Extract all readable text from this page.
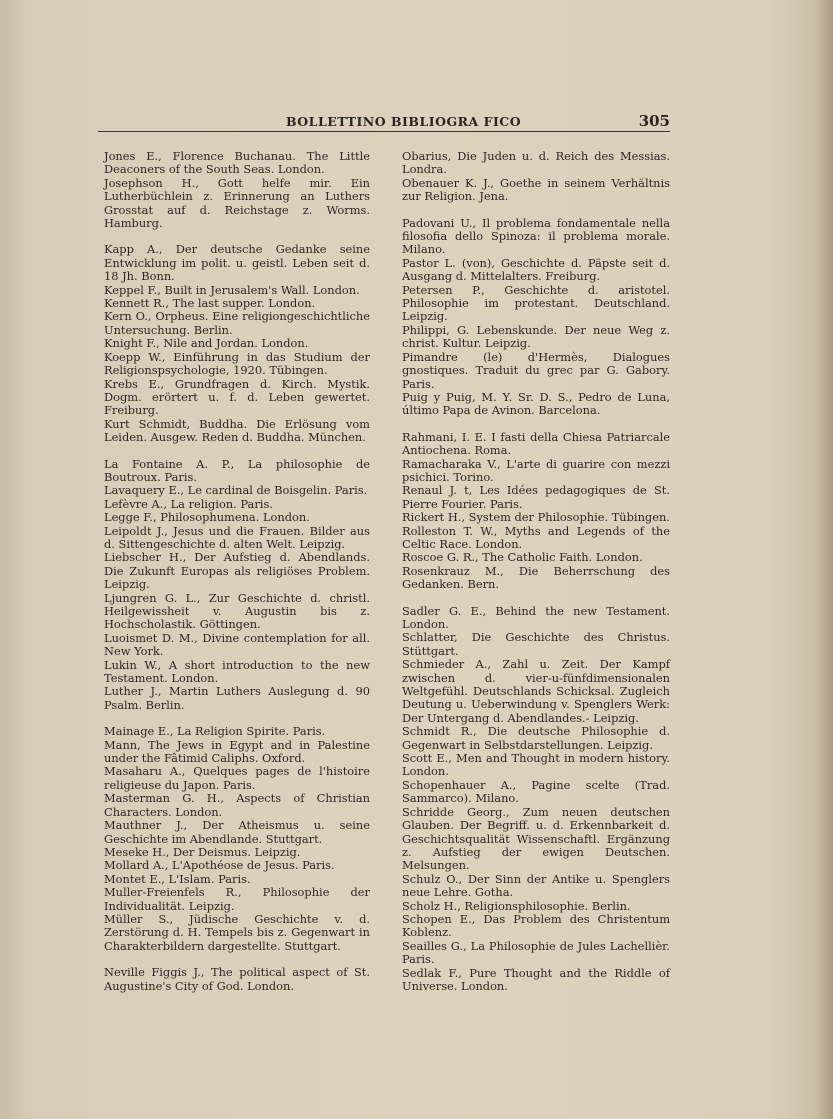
BOLLETTINO BIBLIOGRA FICO	305

Jones E., Florence Buchanau. The Little Deaconers of the South Seas. London.

Josephson H., Gott helfe mir. Ein Lutherbüchlein z. Erinnerung an Luthers Grosstat auf d. Reichstage z. Worms. Hamburg.

Kapp A., Der deutsche Gedanke seine Entwicklung im polit. u. geistl. Leben seit d. 18 Jh. Bonn.

Keppel F., Built in Jerusalem's Wall. London.

Kennett R., The last supper. London.

Kern O., Orpheus. Eine religiongeschichtliche Untersuchung. Berlin.

Knight F., Nile and Jordan. London.

Koepp W., Einführung in das Studium der Religionspsychologie, 1920. Tübingen.

Krebs E., Grundfragen d. Kirch. Mystik. Dogm. erörtert u. f. d. Leben gewertet. Freiburg.

Kurt Schmidt, Buddha. Die Erlösung vom Leiden. Ausgew. Reden d. Buddha. München.

La Fontaine A. P., La philosophie de Boutroux. Paris.

Lavaquery E., Le cardinal de Boisgelin. Paris.

Lefèvre A., La religion. Paris.

Legge F., Philosophumena. London.

Leipoldt J., Jesus und die Frauen. Bilder aus d. Sittengeschichte d. alten Welt. Leipzig.

Liebscher H., Der Aufstieg d. Abendlands. Die Zukunft Europas als religiöses Problem. Leipzig.

Ljungren G. L., Zur Geschichte d. christl. Heilgewissheit v. Augustin bis z. Hochscholastik. Göttingen.

Luoismet D. M., Divine contemplation for all. New York.

Lukin W., A short introduction to the new Testament. London.

Luther J., Martin Luthers Auslegung d. 90 Psalm. Berlin.

Mainage E., La Religion Spirite. Paris.

Mann, The Jews in Egypt and in Palestine under the Fâtimid Caliphs. Oxford.

Masaharu A., Quelques pages de l'histoire religieuse du Japon. Paris.

Masterman G. H., Aspects of Christian Characters. London.

Mauthner J., Der Atheismus u. seine Geschichte im Abendlande. Stuttgart.

Meseke H., Der Deismus. Leipzig.

Mollard A., L'Apothéose de Jesus. Paris.

Montet E., L'Islam. Paris.

Muller-Freienfels R., Philosophie der Individualität. Leipzig.

Müller S., Jüdische Geschichte v. d. Zerstörung d. H. Tempels bis z. Gegenwart in Charakterbildern dargestellte. Stuttgart.

Neville Figgis J., The political aspect of St. Augustine's City of God. London.

Obarius, Die Juden u. d. Reich des Messias. Londra.

Obenauer K. J., Goethe in seinem Verhältnis zur Religion. Jena.

Padovani U., Il problema fondamentale nella filosofia dello Spinoza: il problema morale. Milano.

Pastor L. (von), Geschichte d. Päpste seit d. Ausgang d. Mittelalters. Freiburg.

Petersen P., Geschichte d. aristotel. Philosophie im protestant. Deutschland. Leipzig.

Philippi, G. Lebenskunde. Der neue Weg z. christ. Kultur. Leipzig.

Pimandre (le) d'Hermès, Dialogues gnostiques. Traduit du grec par G. Gabory. Paris.

Puig y Puig, M. Y. Sr. D. S., Pedro de Luna, último Papa de Avinon. Barcelona.

Rahmani, I. E. I fasti della Chiesa Patriarcale Antiochena. Roma.

Ramacharaka V., L'arte di guarire con mezzi psichici. Torino.

Renaul J. t, Les Idées pedagogiques de St. Pierre Fourier. Paris.

Rickert H., System der Philosophie. Tübingen.

Rolleston T. W., Myths and Legends of the Celtic Race. London.

Roscoe G. R., The Catholic Faith. London.

Rosenkrauz M., Die Beherrschung des Gedanken. Bern.

Sadler G. E., Behind the new Testament. London.

Schlatter, Die Geschichte des Christus. Stüttgart.

Schmieder A., Zahl u. Zeit. Der Kampf zwischen d. vier-u-fünfdimensionalen Weltgefühl. Deutschlands Schicksal. Zugleich Deutung u. Ueberwindung v. Spenglers Werk: Der Untergang d. Abendlandes.- Leipzig.

Schmidt R., Die deutsche Philosophie d. Gegenwart in Selbstdarstellungen. Leipzig.

Scott E., Men and Thought in modern history. London.

Schopenhauer A., Pagine scelte (Trad. Sammarco). Milano.

Schridde Georg., Zum neuen deutschen Glauben. Der Begriff. u. d. Erkennbarkeit d. Geschichtsqualität Wissenschaftl. Ergänzung z. Aufstieg der ewigen Deutschen. Melsungen.

Schulz O., Der Sinn der Antike u. Spenglers neue Lehre. Gotha.

Scholz H., Religionsphilosophie. Berlin.

Schopen E., Das Problem des Christentum Koblenz.

Seailles G., La Philosophie de Jules Lachellièr. Paris.

Sedlak F., Pure Thought and the Riddle of Universe. London.
